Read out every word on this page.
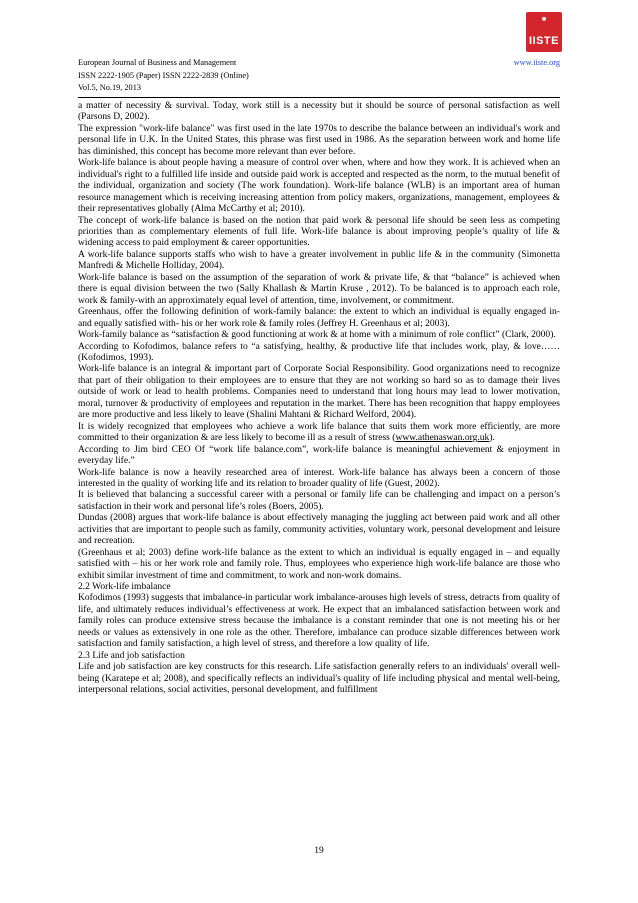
■
IISTE
European Journal of Business and Management	www.iiste.org
ISSN 2222-1905 (Paper) ISSN 2222-2839 (Online)
Vol.5, No.19, 2013

a matter of necessity & survival. Today, work still is a necessity but it should be source of personal satisfaction as well (Parsons D, 2002).

The expression "work-life balance" was first used in the late 1970s to describe the balance between an individual's work and personal life in U.K. In the United States, this phrase was first used in 1986. As the separation between work and home life has diminished, this concept has become more relevant than ever before.

Work-life balance is about people having a measure of control over when, where and how they work. It is achieved when an individual's right to a fulfilled life inside and outside paid work is accepted and respected as the norm, to the mutual benefit of the individual, organization and society (The work foundation). Work-life balance (WLB) is an important area of human resource management which is receiving increasing attention from policy makers, organizations, management, employees & their representatives globally (Alma McCarthy et al; 2010).

The concept of work-life balance is based on the notion that paid work & personal life should be seen less as competing priorities than as complementary elements of full life. Work-life balance is about improving people’s quality of life & widening access to paid employment & career opportunities.

A work-life balance supports staffs who wish to have a greater involvement in public life & in the community (Simonetta Manfredi & Michelle Holliday, 2004).

Work-life balance is based on the assumption of the separation of work & private life, & that “balance” is achieved when there is equal division between the two (Sally Khallash & Martin Kruse , 2012). To be balanced is to approach each role, work & family-with an approximately equal level of attention, time, involvement, or commitment.

Greenhaus, offer the following definition of work-family balance: the extent to which an individual is equally engaged in- and equally satisfied with- his or her work role & family roles (Jeffrey H. Greenhaus et al; 2003).

Work-family balance as “satisfaction & good functioning at work & at home with a minimum of role conflict” (Clark, 2000).

According to Kofodimos, balance refers to “a satisfying, healthy, & productive life that includes work, play, & love…… (Kofodimos, 1993).

Work-life balance is an integral & important part of Corporate Social Responsibility. Good organizations need to recognize that part of their obligation to their employees are to ensure that they are not working so hard so as to damage their lives outside of work or lead to health problems. Companies need to understand that long hours may lead to lower motivation, moral, turnover & productivity of employees and reputation in the market. There has been recognition that happy employees are more productive and less likely to leave (Shalini Mahtani & Richard Welford, 2004).

It is widely recognized that employees who achieve a work life balance that suits them work more efficiently, are more committed to their organization & are less likely to become ill as a result of stress (www.athenaswan.org.uk).

According to Jim bird CEO Of “work life balance.com”, work-life balance is meaningful achievement & enjoyment in everyday life.”

Work-life balance is now a heavily researched area of interest. Work-life balance has always been a concern of those interested in the quality of working life and its relation to broader quality of life (Guest, 2002).

It is believed that balancing a successful career with a personal or family life can be challenging and impact on a person’s satisfaction in their work and personal life’s roles (Boers, 2005).

Dundas (2008) argues that work-life balance is about effectively managing the juggling act between paid work and all other activities that are important to people such as family, community activities, voluntary work, personal development and leisure and recreation.

(Greenhaus et al; 2003) define work-life balance as the extent to which an individual is equally engaged in – and equally satisfied with – his or her work role and family role. Thus, employees who experience high work-life balance are those who exhibit similar investment of time and commitment, to work and non-work domains.

2.2 Work-life imbalance

Kofodimos (1993) suggests that imbalance-in particular work imbalance-arouses high levels of stress, detracts from quality of life, and ultimately reduces individual’s effectiveness at work. He expect that an imbalanced satisfaction between work and family roles can produce extensive stress because the imbalance is a constant reminder that one is not meeting his or her needs or values as extensively in one role as the other. Therefore, imbalance can produce sizable differences between work satisfaction and family satisfaction, a high level of stress, and therefore a low quality of life.

2.3 Life and job satisfaction

Life and job satisfaction are key constructs for this research. Life satisfaction generally refers to an individuals' overall well-being (Karatepe et al; 2008), and specifically reflects an individual's quality of life including physical and mental well-being, interpersonal relations, social activities, personal development, and fulfillment

19
